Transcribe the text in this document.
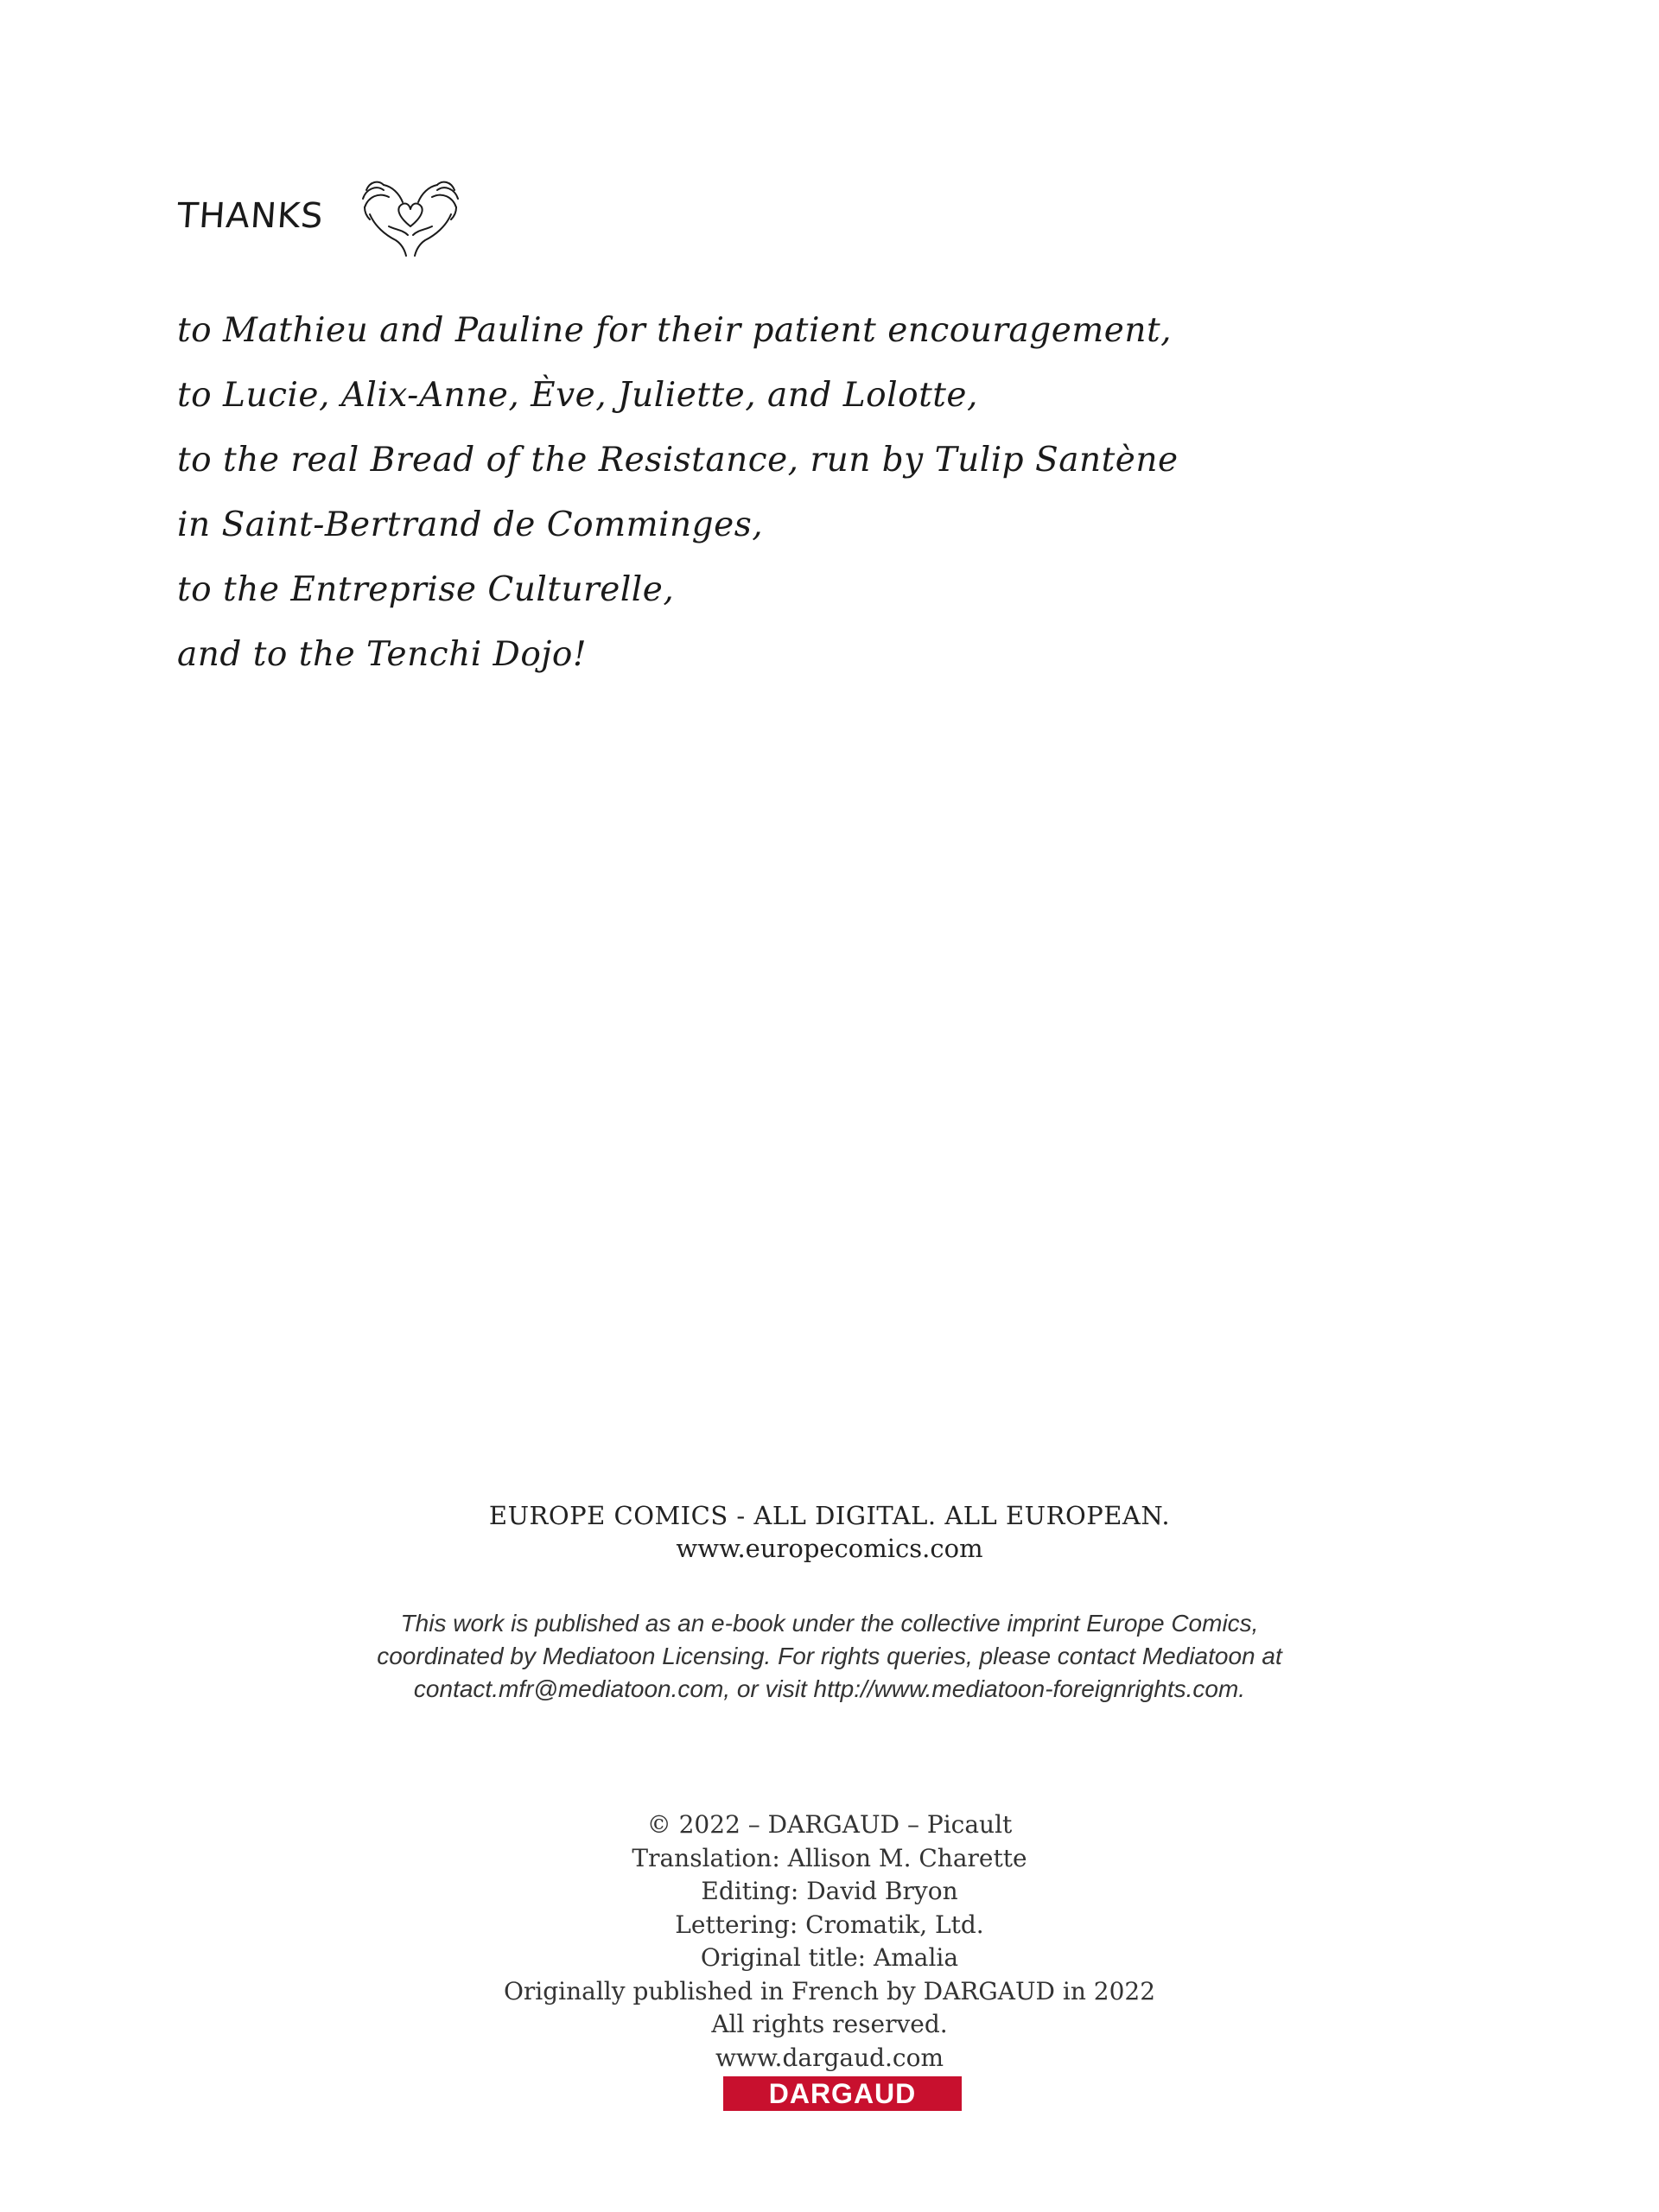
THANKS
to Mathieu and Pauline for their patient encouragement,
to Lucie, Alix-Anne, Ève, Juliette, and Lolotte,
to the real Bread of the Resistance, run by Tulip Santène
in Saint-Bertrand de Comminges,
to the Entreprise Culturelle,
and to the Tenchi Dojo!
EUROPE COMICS - ALL DIGITAL. ALL EUROPEAN.
www.europecomics.com
This work is published as an e-book under the collective imprint Europe Comics,
coordinated by Mediatoon Licensing. For rights queries, please contact Mediatoon at
contact.mfr@mediatoon.com, or visit http://www.mediatoon-foreignrights.com.
© 2022 – DARGAUD – Picault
Translation: Allison M. Charette
Editing: David Bryon
Lettering: Cromatik, Ltd.
Original title: Amalia
Originally published in French by DARGAUD in 2022
All rights reserved.
www.dargaud.com
DARGAUD
